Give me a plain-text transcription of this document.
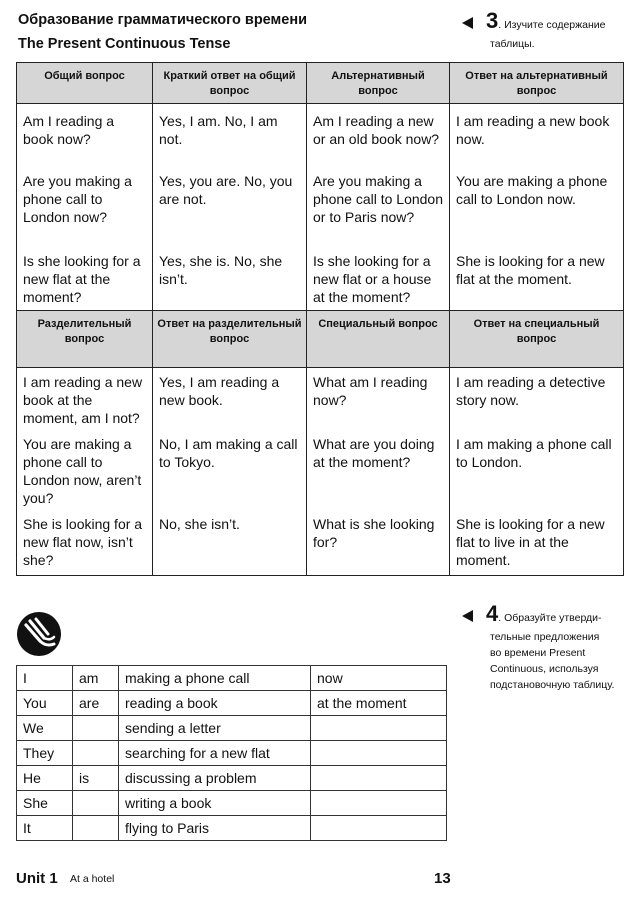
Образование грамматического времени
The Present Continuous Tense
3. Изучите содержание
таблицы.
Общий вопрос	Краткий ответ на общий вопрос	Альтернативный вопрос	Ответ на альтернативный вопрос
Am I reading a book now?	Yes, I am. No, I am not.	Am I reading a new or an old book now?	I am reading a new book now.
Are you making a phone call to London now?	Yes, you are. No, you are not.	Are you making a phone call to London or to Paris now?	You are making a phone call to London now.
Is she looking for a new flat at the moment?	Yes, she is. No, she isn’t.	Is she looking for a new flat or a house at the moment?	She is looking for a new flat at the moment.
Разделительный вопрос	Ответ на разделительный вопрос	Специальный вопрос	Ответ на специальный вопрос
I am reading a new book at the moment, am I not?	Yes, I am reading a new book.	What am I reading now?	I am reading a detective story now.
You are making a phone call to London now, aren’t you?	No, I am making a call to Tokyo.	What are you doing at the moment?	I am making a phone call to London.
She is looking for a new flat now, isn’t she?	No, she isn’t.	What is she looking for?	She is looking for a new flat to live in at the moment.
4. Образуйте утверди-
тельные предложения
во времени Present
Continuous, используя
подстановочную таблицу.
I	am	making a phone call	now
You	are	reading a book	at the moment
We		sending a letter	
They		searching for a new flat	
He	is	discussing a problem	
She		writing a book	
It		flying to Paris	
Unit 1 At a hotel	13
